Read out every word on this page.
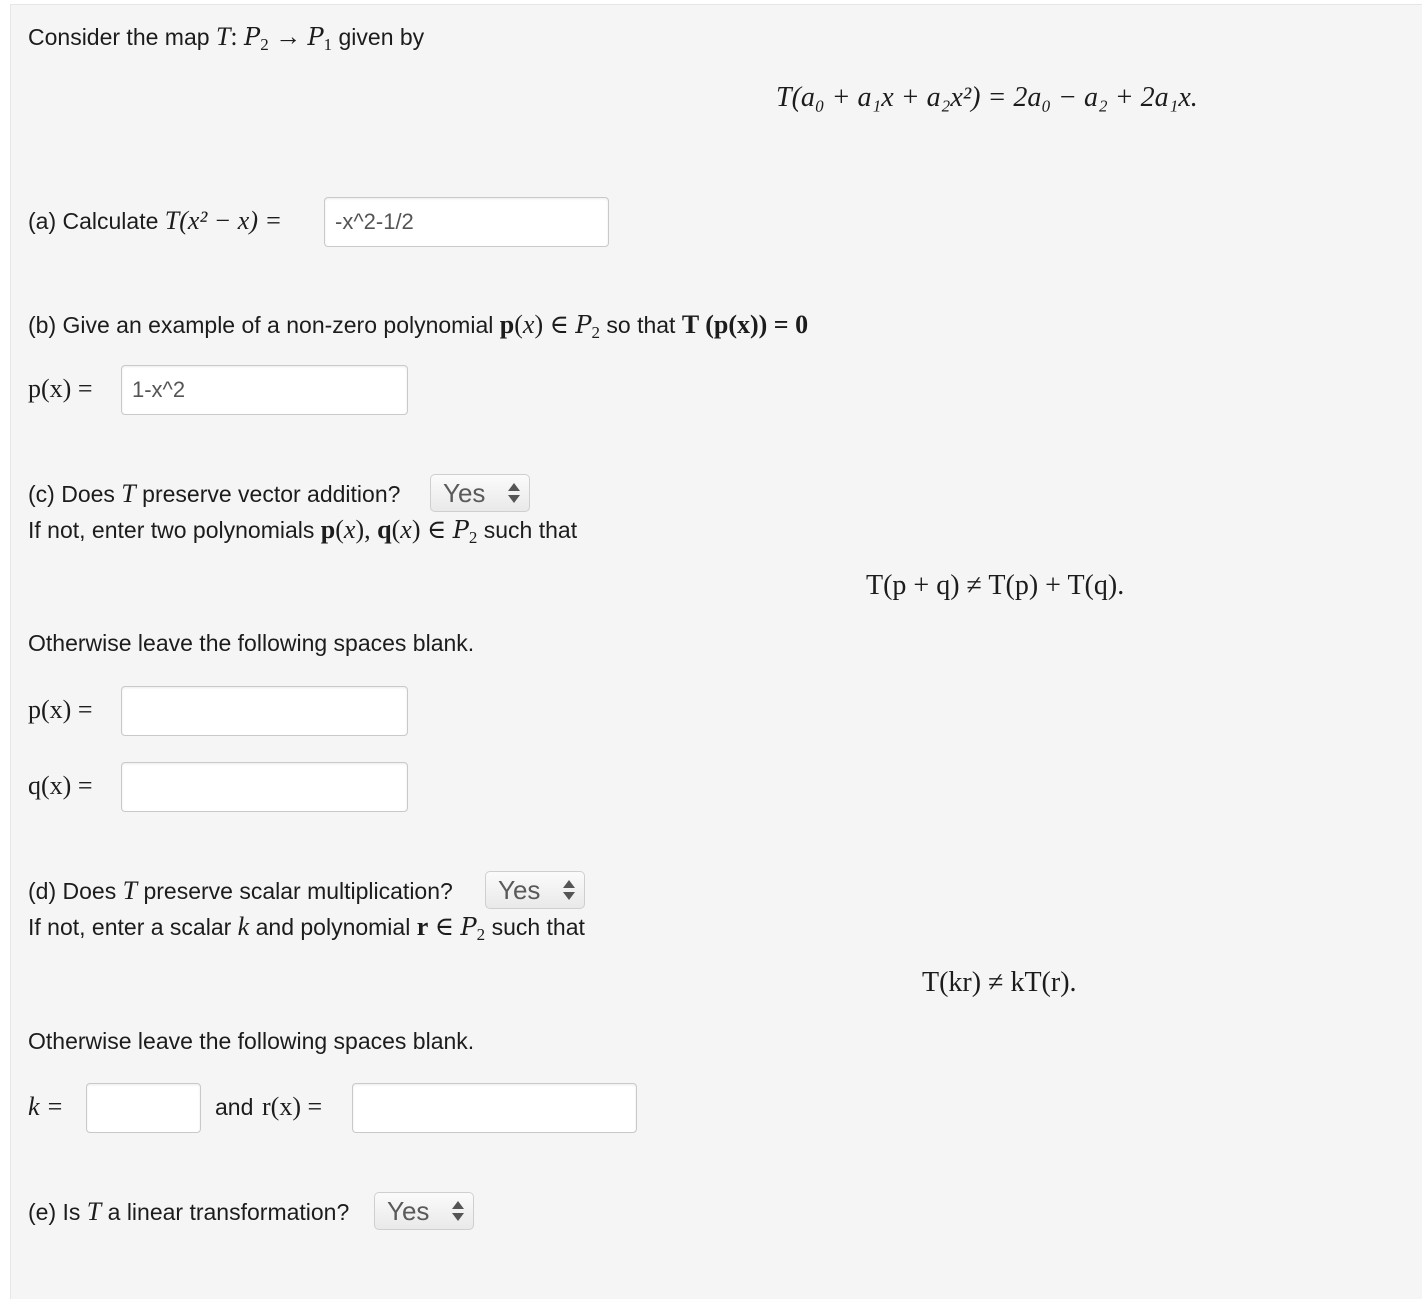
Consider the map T: $P_2 \to P_1$ given by
T(a₀ + a₁x + a₂x²) = 2a₀ − a₂ + 2a₁x.
(a) Calculate T(x² − x) =
-x^2-1/2
(b) Give an example of a non-zero polynomial p(x) ∈ $P_2$ so that T (p(x)) = 0
p(x) =
1-x^2
(c) Does T preserve vector addition?	Yes
If not, enter two polynomials p(x), q(x) ∈ $P_2$ such that
T(p + q) ≠ T(p) + T(q).
Otherwise leave the following spaces blank.
p(x) =
q(x) =
(d) Does T preserve scalar multiplication?	Yes
If not, enter a scalar k and polynomial r ∈ $P_2$ such that
T(kr) ≠ kT(r).
Otherwise leave the following spaces blank.
k =	and r(x) =
(e) Is T a linear transformation?	Yes
